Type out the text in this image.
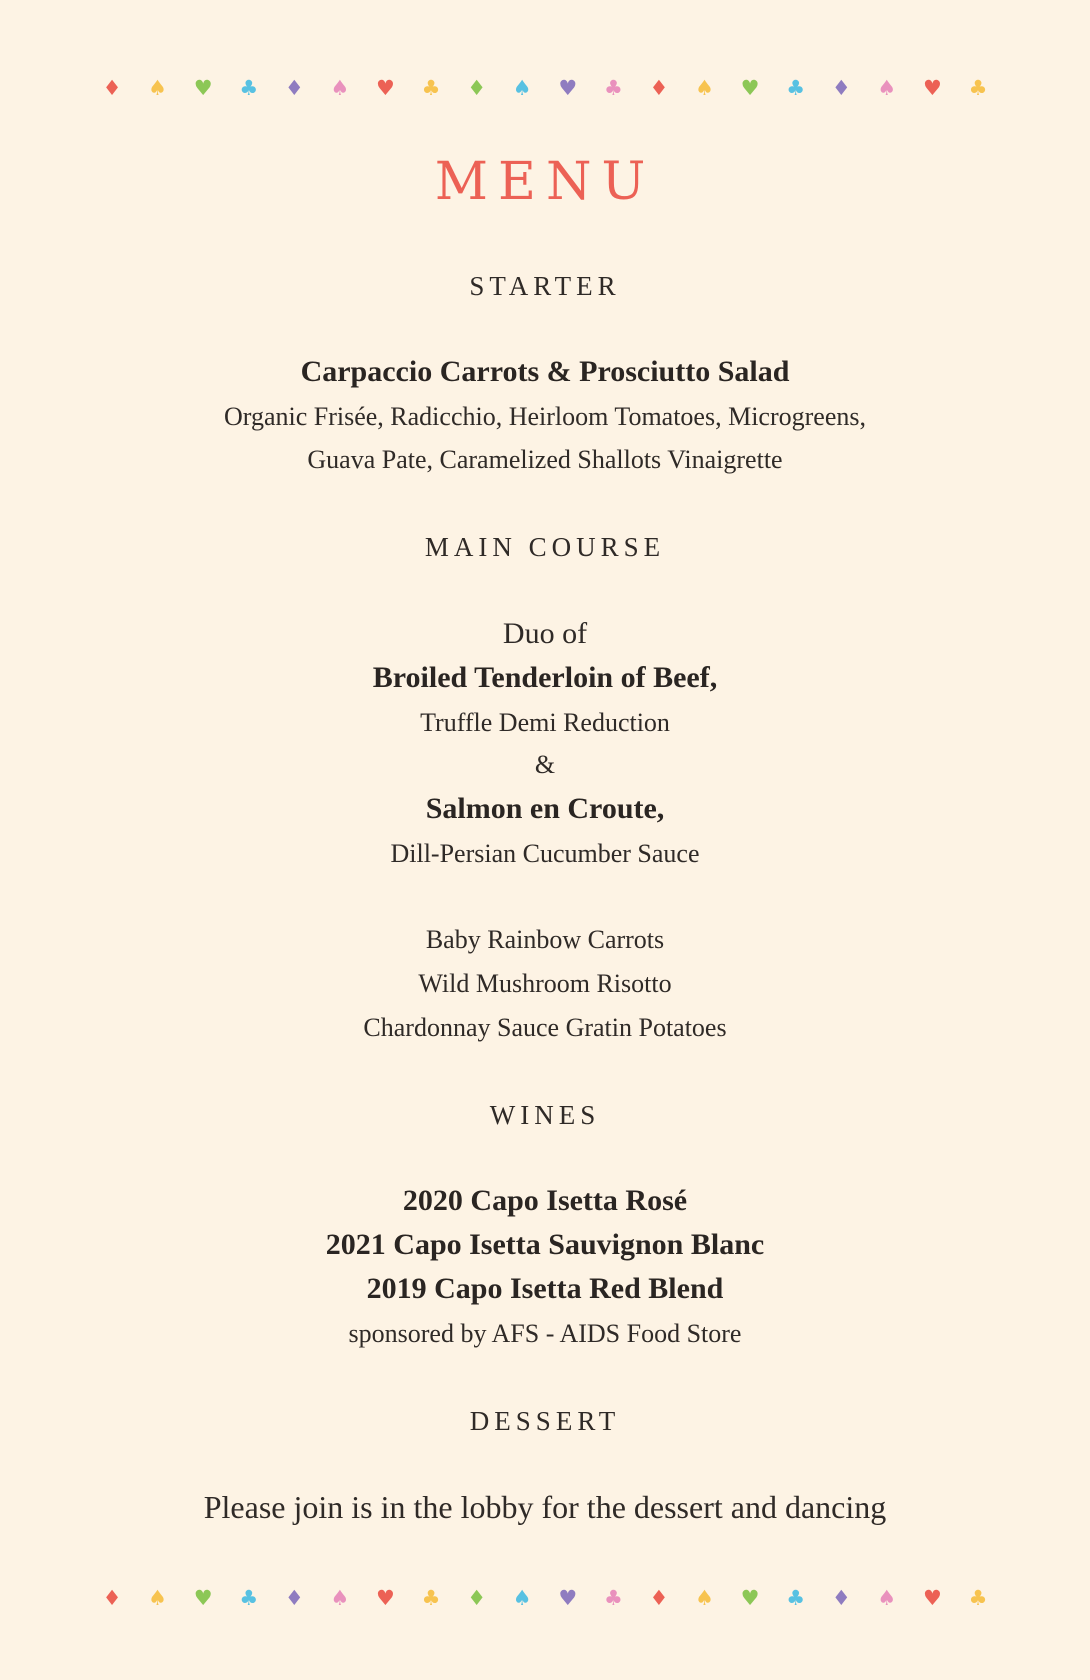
♦ ♠ ♥ ♣ ♦ ♠ ♥ ♣ ♦ ♠ ♥ ♣ ♦ ♠ ♥ ♣ ♦ ♠ ♥ ♣
MENU
STARTER
Carpaccio Carrots & Prosciutto Salad
Organic Frisée, Radicchio, Heirloom Tomatoes, Microgreens,
Guava Pate, Caramelized Shallots Vinaigrette
MAIN COURSE
Duo of
Broiled Tenderloin of Beef,
Truffle Demi Reduction
&
Salmon en Croute,
Dill-Persian Cucumber Sauce
Baby Rainbow Carrots
Wild Mushroom Risotto
Chardonnay Sauce Gratin Potatoes
WINES
2020 Capo Isetta Rosé
2021 Capo Isetta Sauvignon Blanc
2019 Capo Isetta Red Blend
sponsored by AFS - AIDS Food Store
DESSERT
Please join is in the lobby for the dessert and dancing
♦ ♠ ♥ ♣ ♦ ♠ ♥ ♣ ♦ ♠ ♥ ♣ ♦ ♠ ♥ ♣ ♦ ♠ ♥ ♣
